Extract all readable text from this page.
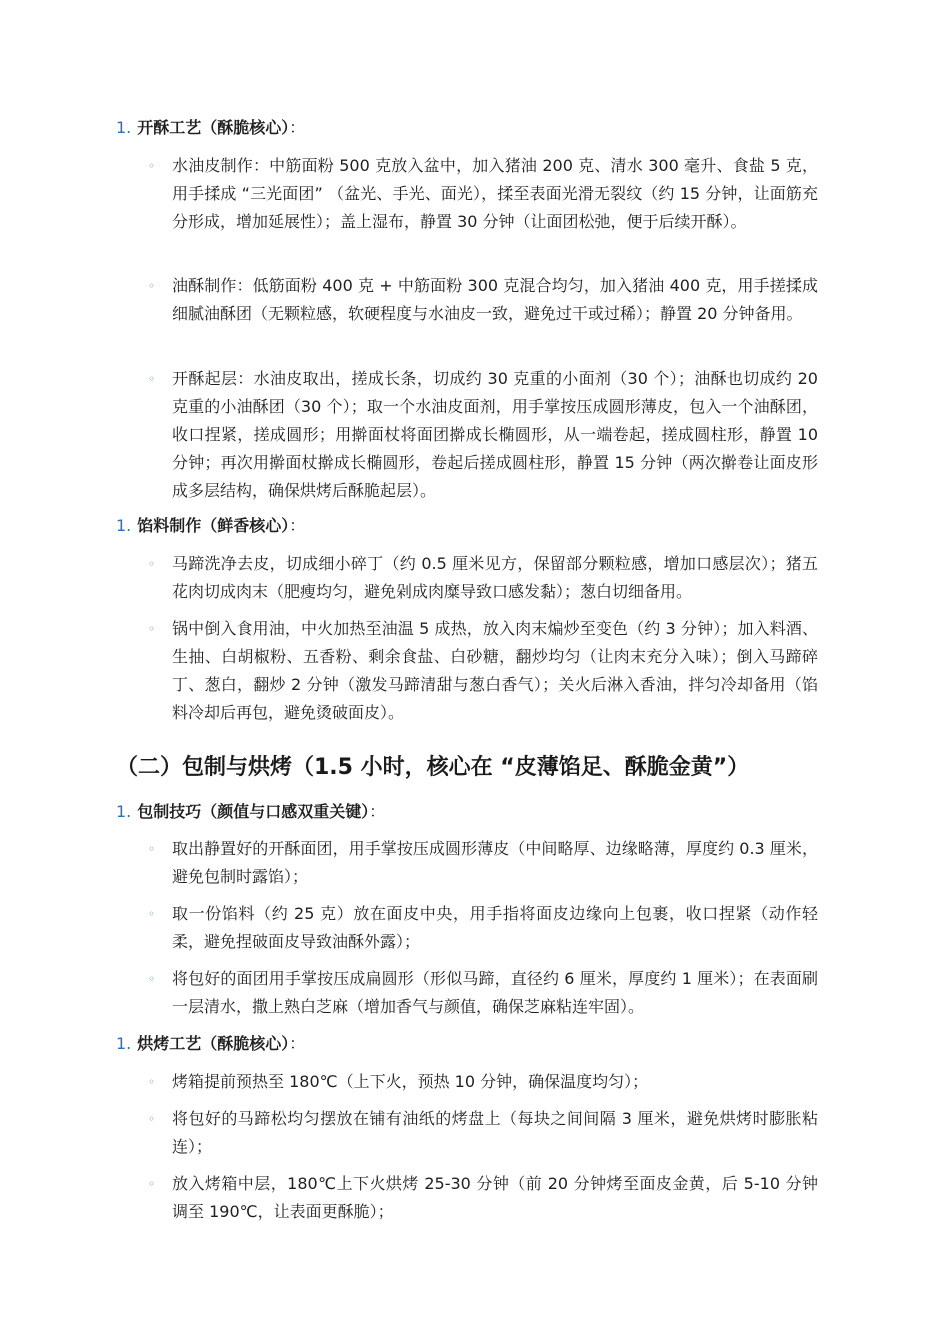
1. 开酥工艺（酥脆核心）：
◦ 水油皮制作：中筋面粉 500 克放入盆中，加入猪油 200 克、清水 300 毫升、食盐 5 克，用手揉成 “三光面团” （盆光、手光、面光），揉至表面光滑无裂纹（约 15 分钟，让面筋充分形成，增加延展性）；盖上湿布，静置 30 分钟（让面团松弛，便于后续开酥）。
◦ 油酥制作：低筋面粉 400 克 + 中筋面粉 300 克混合均匀，加入猪油 400 克，用手搓揉成细腻油酥团（无颗粒感，软硬程度与水油皮一致，避免过干或过稀）；静置 20 分钟备用。
◦ 开酥起层：水油皮取出，搓成长条，切成约 30 克重的小面剂（30 个）；油酥也切成约 20 克重的小油酥团（30 个）；取一个水油皮面剂，用手掌按压成圆形薄皮，包入一个油酥团，收口捏紧，搓成圆形；用擀面杖将面团擀成长椭圆形，从一端卷起，搓成圆柱形，静置 10 分钟；再次用擀面杖擀成长椭圆形，卷起后搓成圆柱形，静置 15 分钟（两次擀卷让面皮形成多层结构，确保烘烤后酥脆起层）。
1. 馅料制作（鲜香核心）：
◦ 马蹄洗净去皮，切成细小碎丁（约 0.5 厘米见方，保留部分颗粒感，增加口感层次）；猪五花肉切成肉末（肥瘦均匀，避免剁成肉糜导致口感发黏）；葱白切细备用。
◦ 锅中倒入食用油，中火加热至油温 5 成热，放入肉末煸炒至变色（约 3 分钟）；加入料酒、生抽、白胡椒粉、五香粉、剩余食盐、白砂糖，翻炒均匀（让肉末充分入味）；倒入马蹄碎丁、葱白，翻炒 2 分钟（激发马蹄清甜与葱白香气）；关火后淋入香油，拌匀冷却备用（馅料冷却后再包，避免烫破面皮）。
（二）包制与烘烤（1.5 小时，核心在 “皮薄馅足、酥脆金黄”）
1. 包制技巧（颜值与口感双重关键）：
◦ 取出静置好的开酥面团，用手掌按压成圆形薄皮（中间略厚、边缘略薄，厚度约 0.3 厘米，避免包制时露馅）；
◦ 取一份馅料（约 25 克）放在面皮中央，用手指将面皮边缘向上包裹，收口捏紧（动作轻柔，避免捏破面皮导致油酥外露）；
◦ 将包好的面团用手掌按压成扁圆形（形似马蹄，直径约 6 厘米，厚度约 1 厘米）；在表面刷一层清水，撒上熟白芝麻（增加香气与颜值，确保芝麻粘连牢固）。
1. 烘烤工艺（酥脆核心）：
◦ 烤箱提前预热至 180℃（上下火，预热 10 分钟，确保温度均匀）；
◦ 将包好的马蹄松均匀摆放在铺有油纸的烤盘上（每块之间间隔 3 厘米，避免烘烤时膨胀粘连）；
◦ 放入烤箱中层，180℃上下火烘烤 25-30 分钟（前 20 分钟烤至面皮金黄，后 5-10 分钟调至 190℃，让表面更酥脆）；
